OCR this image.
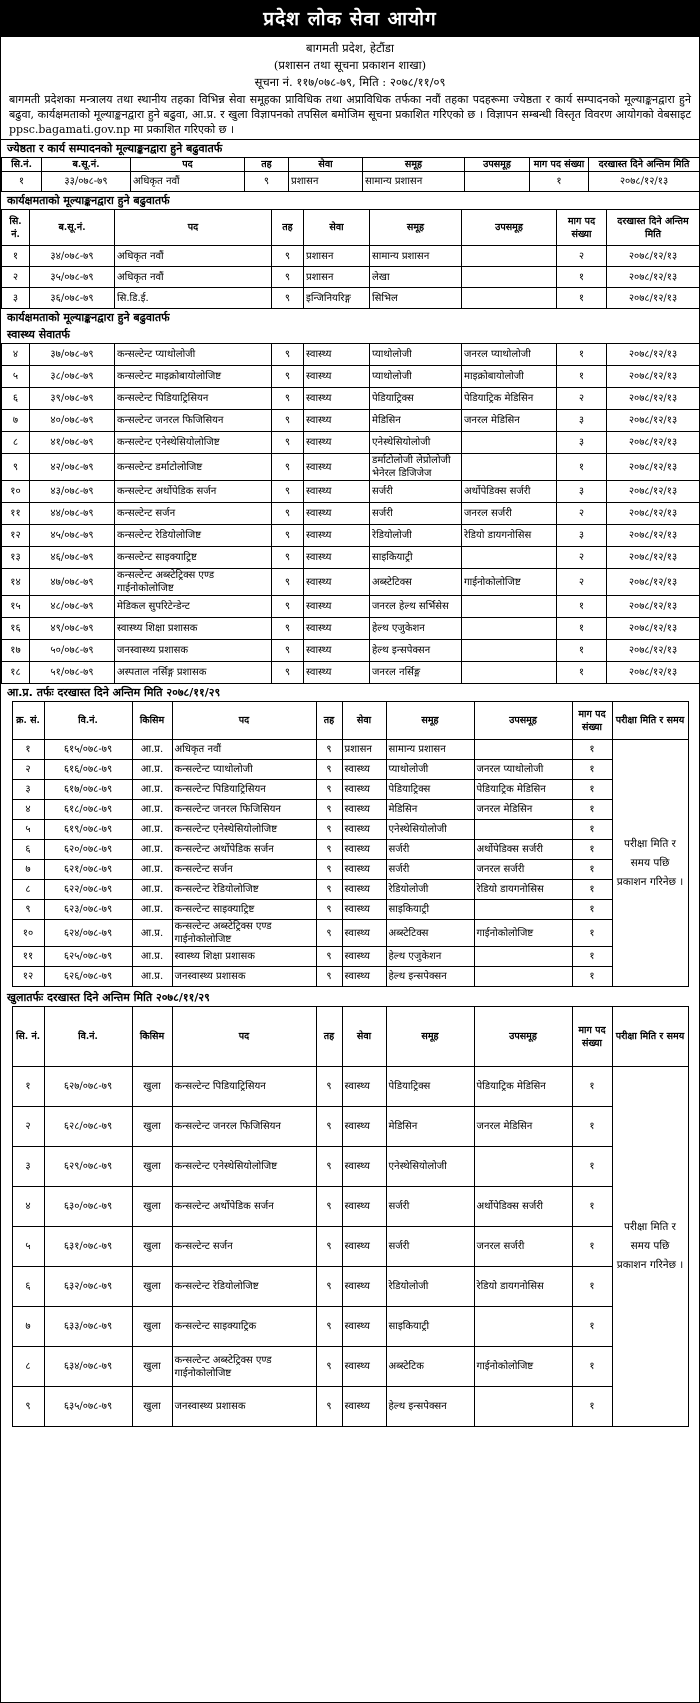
प्रदेश लोक सेवा आयोग
बागमती प्रदेश, हेटौंडा
(प्रशासन तथा सूचना प्रकाशन शाखा)
सूचना नं. ११७/०७८-७९, मिति : २०७८/११/०९
बागमती प्रदेशका मन्त्रालय तथा स्थानीय तहका विभिन्न सेवा समूहका प्राविधिक तथा अप्राविधिक तर्फका नवौं तहका पदहरूमा ज्येष्ठता र कार्य सम्पादनको मूल्याङ्कनद्वारा हुने बढुवा, कार्यक्षमताको मूल्याङ्कनद्वारा हुने बढुवा, आ.प्र. र खुला विज्ञापनको तपसिल बमोजिम सूचना प्रकाशित गरिएको छ । विज्ञापन सम्बन्धी विस्तृत विवरण आयोगको वेबसाइट ppsc.bagamati.gov.np मा प्रकाशित गरिएको छ ।
ज्येष्ठता र कार्य सम्पादनको मूल्याङ्कनद्वारा हुने बढुवातर्फ
सि.नं.	ब.सू.नं.	पद	तह	सेवा	समूह	उपसमूह	माग पद संख्या	दरखास्त दिने अन्तिम मिति
१	३३/०७८-७९	अधिकृत नवौं	९	प्रशासन	सामान्य प्रशासन		१	२०७८/१२/१३
कार्यक्षमताको मूल्याङ्कनद्वारा हुने बढुवातर्फ
सि. नं.	ब.सू.नं.	पद	तह	सेवा	समूह	उपसमूह	माग पद संख्या	दरखास्त दिने अन्तिम मिति
१	३४/०७८-७९	अधिकृत नवौं	९	प्रशासन	सामान्य प्रशासन		२	२०७८/१२/१३
२	३५/०७८-७९	अधिकृत नवौं	९	प्रशासन	लेखा		१	२०७८/१२/१३
३	३६/०७८-७९	सि.डि.ई.	९	इन्जिनियरिङ्ग	सिभिल		१	२०७८/१२/१३
कार्यक्षमताको मूल्याङ्कनद्वारा हुने बढुवातर्फ
स्वास्थ्य सेवातर्फ
४	३७/०७८-७९	कन्सल्टेन्ट प्याथोलोजी	९	स्वास्थ्य	प्याथोलोजी	जनरल प्याथोलोजी	१	२०७८/१२/१३
५	३८/०७८-७९	कन्सल्टेन्ट माइक्रोबायोलोजिष्ट	९	स्वास्थ्य	प्याथोलोजी	माइक्रोबायोलोजी	१	२०७८/१२/१३
६	३९/०७८-७९	कन्सल्टेन्ट पिडियाट्रिसियन	९	स्वास्थ्य	पेडियाट्रिक्स	पेडियाट्रिक मेडिसिन	२	२०७८/१२/१३
७	४०/०७८-७९	कन्सल्टेन्ट जनरल फिजिसियन	९	स्वास्थ्य	मेडिसिन	जनरल मेडिसिन	३	२०७८/१२/१३
८	४१/०७८-७९	कन्सल्टेन्ट एनेस्थेसियोलोजिष्ट	९	स्वास्थ्य	एनेस्थेसियोलोजी		३	२०७८/१२/१३
९	४२/०७८-७९	कन्सल्टेन्ट डर्माटोलोजिष्ट	९	स्वास्थ्य	डर्माटोलोजी लेप्रोलोजी भेनेरल डिजिजेज		१	२०७८/१२/१३
१०	४३/०७८-७९	कन्सल्टेन्ट अर्थोपेडिक सर्जन	९	स्वास्थ्य	सर्जरी	अर्थोपेडिक्स सर्जरी	३	२०७८/१२/१३
११	४४/०७८-७९	कन्सल्टेन्ट सर्जन	९	स्वास्थ्य	सर्जरी	जनरल सर्जरी	२	२०७८/१२/१३
१२	४५/०७८-७९	कन्सल्टेन्ट रेडियोलोजिष्ट	९	स्वास्थ्य	रेडियोलोजी	रेडियो डायगनोसिस	३	२०७८/१२/१३
१३	४६/०७८-७९	कन्सल्टेन्ट साइक्याट्रिष्ट	९	स्वास्थ्य	साइकियाट्री		२	२०७८/१२/१३
१४	४७/०७८-७९	कन्सल्टेन्ट अब्स्टेट्रिक्स एण्ड गाईनोकोलोजिष्ट	९	स्वास्थ्य	अब्स्टेटिक्स	गाईनोकोलोजिष्ट	२	२०७८/१२/१३
१५	४८/०७८-७९	मेडिकल सुपरिटेन्डेन्ट	९	स्वास्थ्य	जनरल हेल्थ सर्भिसेस		१	२०७८/१२/१३
१६	४९/०७८-७९	स्वास्थ्य शिक्षा प्रशासक	९	स्वास्थ्य	हेल्थ एजुकेशन		१	२०७८/१२/१३
१७	५०/०७८-७९	जनस्वास्थ्य प्रशासक	९	स्वास्थ्य	हेल्थ इन्सपेक्सन		१	२०७८/१२/१३
१८	५१/०७८-७९	अस्पताल नर्सिङ्ग प्रशासक	९	स्वास्थ्य	जनरल नर्सिङ्ग		१	२०७८/१२/१३
आ.प्र. तर्फः दरखास्त दिने अन्तिम मिति २०७८/११/२९
क्र. सं.	वि.नं.	किसिम	पद	तह	सेवा	समूह	उपसमूह	माग पद संख्या	परीक्षा मिति र समय
१	६१५/०७८-७९	आ.प्र.	अधिकृत नवौं	९	प्रशासन	सामान्य प्रशासन		१	परीक्षा मिति र समय पछि प्रकाशन गरिनेछ ।
२	६१६/०७८-७९	आ.प्र.	कन्सल्टेन्ट प्याथोलोजी	९	स्वास्थ्य	प्याथोलोजी	जनरल प्याथोलोजी	१	
३	६१७/०७८-७९	आ.प्र.	कन्सल्टेन्ट पिडियाट्रिसियन	९	स्वास्थ्य	पेडियाट्रिक्स	पेडियाट्रिक मेडिसिन	१	
४	६१८/०७८-७९	आ.प्र.	कन्सल्टेन्ट जनरल फिजिसियन	९	स्वास्थ्य	मेडिसिन	जनरल मेडिसिन	१	
५	६१९/०७८-७९	आ.प्र.	कन्सल्टेन्ट एनेस्थेसियोलोजिष्ट	९	स्वास्थ्य	एनेस्थेसियोलोजी		१	
६	६२०/०७८-७९	आ.प्र.	कन्सल्टेन्ट अर्थोपेडिक सर्जन	९	स्वास्थ्य	सर्जरी	अर्थोपेडिक्स सर्जरी	१	
७	६२१/०७८-७९	आ.प्र.	कन्सल्टेन्ट सर्जन	९	स्वास्थ्य	सर्जरी	जनरल सर्जरी	१	
८	६२२/०७८-७९	आ.प्र.	कन्सल्टेन्ट रेडियोलोजिष्ट	९	स्वास्थ्य	रेडियोलोजी	रेडियो डायगनोसिस	१	
९	६२३/०७८-७९	आ.प्र.	कन्सल्टेन्ट साइक्याट्रिष्ट	९	स्वास्थ्य	साइकियाट्री		१	
१०	६२४/०७८-७९	आ.प्र.	कन्सल्टेन्ट अब्स्टेट्रिक्स एण्ड गाईनोकोलोजिष्ट	९	स्वास्थ्य	अब्स्टेटिक्स	गाईनोकोलोजिष्ट	१	
११	६२५/०७८-७९	आ.प्र.	स्वास्थ्य शिक्षा प्रशासक	९	स्वास्थ्य	हेल्थ एजुकेशन		१	
१२	६२६/०७८-७९	आ.प्र.	जनस्वास्थ्य प्रशासक	९	स्वास्थ्य	हेल्थ इन्सपेक्सन		१	
खुलातर्फः दरखास्त दिने अन्तिम मिति २०७८/११/२९
सि. नं.	वि.नं.	किसिम	पद	तह	सेवा	समूह	उपसमूह	माग पद संख्या	परीक्षा मिति र समय
१	६२७/०७८-७९	खुला	कन्सल्टेन्ट पिडियाट्रिसियन	९	स्वास्थ्य	पेडियाट्रिक्स	पेडियाट्रिक मेडिसिन	१	परीक्षा मिति र समय पछि प्रकाशन गरिनेछ ।
२	६२८/०७८-७९	खुला	कन्सल्टेन्ट जनरल फिजिसियन	९	स्वास्थ्य	मेडिसिन	जनरल मेडिसिन	१	
३	६२९/०७८-७९	खुला	कन्सल्टेन्ट एनेस्थेसियोलोजिष्ट	९	स्वास्थ्य	एनेस्थेसियोलोजी		१	
४	६३०/०७८-७९	खुला	कन्सल्टेन्ट अर्थोपेडिक सर्जन	९	स्वास्थ्य	सर्जरी	अर्थोपेडिक्स सर्जरी	१	
५	६३१/०७८-७९	खुला	कन्सल्टेन्ट सर्जन	९	स्वास्थ्य	सर्जरी	जनरल सर्जरी	१	
६	६३२/०७८-७९	खुला	कन्सल्टेन्ट रेडियोलोजिष्ट	९	स्वास्थ्य	रेडियोलोजी	रेडियो डायगनोसिस	१	
७	६३३/०७८-७९	खुला	कन्सल्टेन्ट साइक्याट्रिक	९	स्वास्थ्य	साइकियाट्री		१	
८	६३४/०७८-७९	खुला	कन्सल्टेन्ट अब्स्टेट्रिक्स एण्ड गाईनोकोलोजिष्ट	९	स्वास्थ्य	अब्स्टेटिक	गाईनोकोलोजिष्ट	१	
९	६३५/०७८-७९	खुला	जनस्वास्थ्य प्रशासक	९	स्वास्थ्य	हेल्थ इन्सपेक्सन		१	
